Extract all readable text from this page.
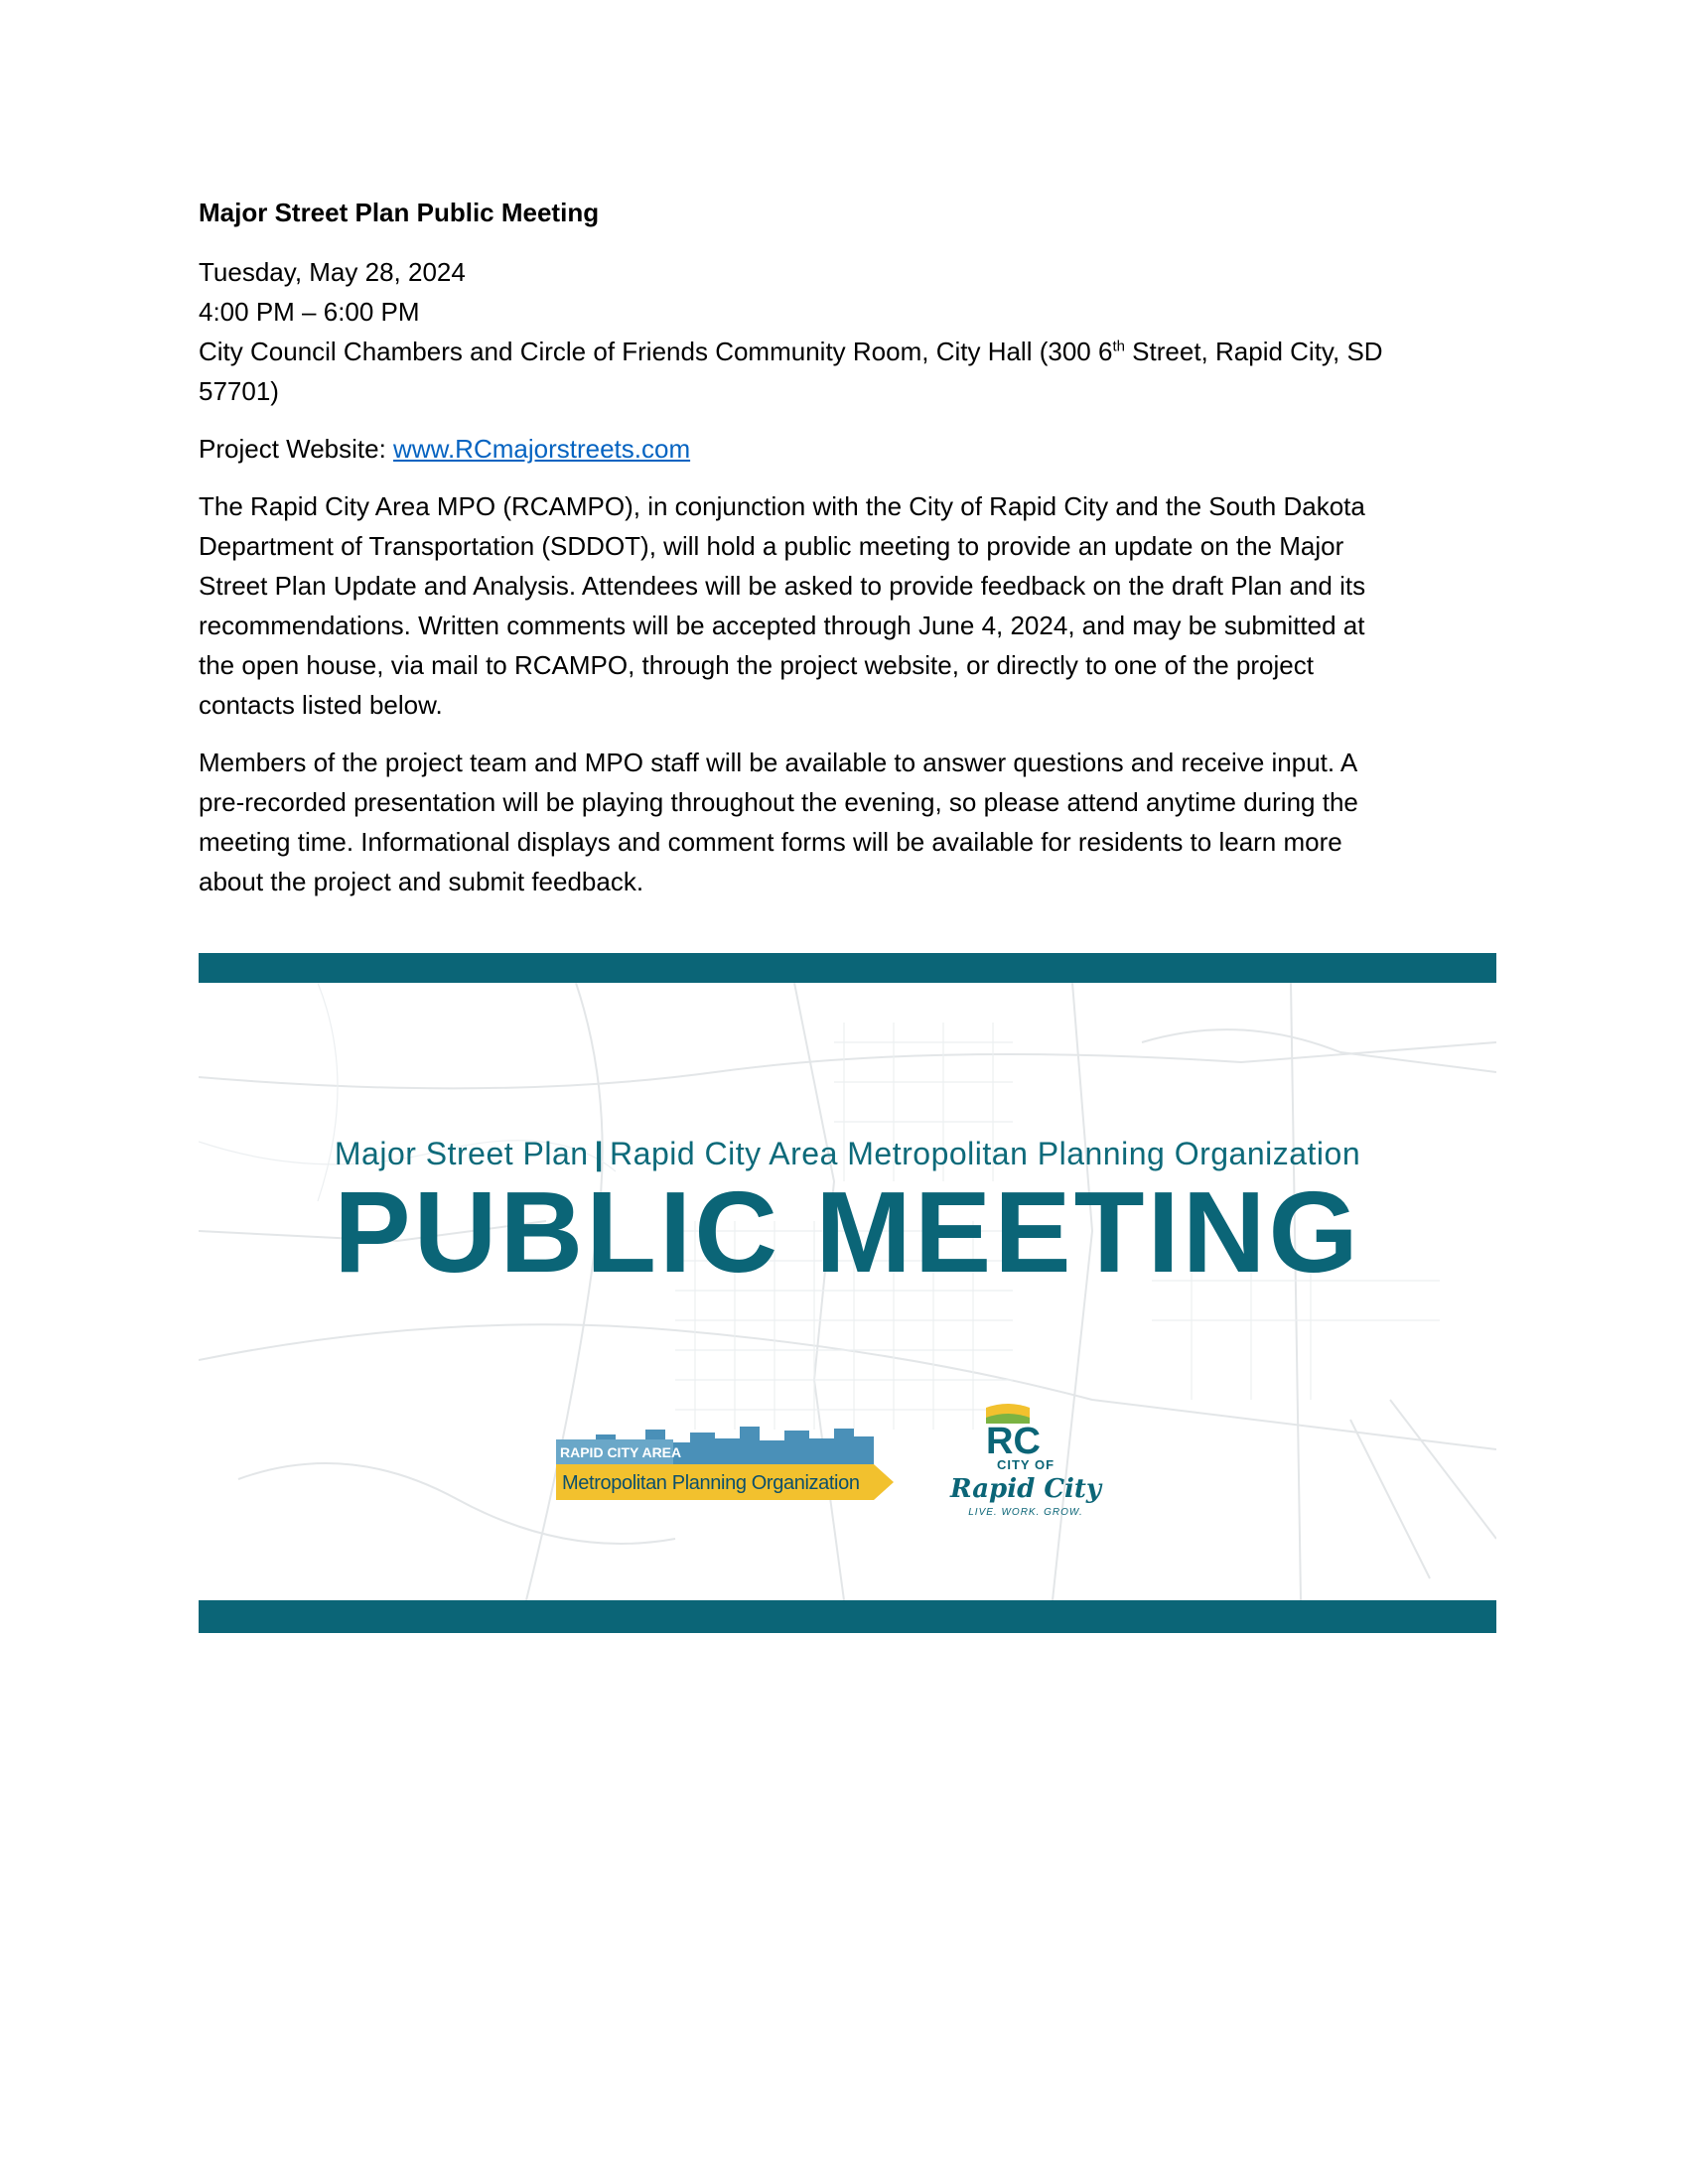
Major Street Plan Public Meeting
Tuesday, May 28, 2024
4:00 PM – 6:00 PM
City Council Chambers and Circle of Friends Community Room, City Hall (300 6th Street, Rapid City, SD
57701)
Project Website: www.RCmajorstreets.com
The Rapid City Area MPO (RCAMPO), in conjunction with the City of Rapid City and the South Dakota
Department of Transportation (SDDOT), will hold a public meeting to provide an update on the Major
Street Plan Update and Analysis. Attendees will be asked to provide feedback on the draft Plan and its
recommendations. Written comments will be accepted through June 4, 2024, and may be submitted at
the open house, via mail to RCAMPO, through the project website, or directly to one of the project
contacts listed below.
Members of the project team and MPO staff will be available to answer questions and receive input. A
pre-recorded presentation will be playing throughout the evening, so please attend anytime during the
meeting time. Informational displays and comment forms will be available for residents to learn more
about the project and submit feedback.
Major Street Plan | Rapid City Area Metropolitan Planning Organization
PUBLIC MEETING
RAPID CITY AREA
Metropolitan Planning Organization
RC
CITY OF
Rapid City
LIVE. WORK. GROW.
